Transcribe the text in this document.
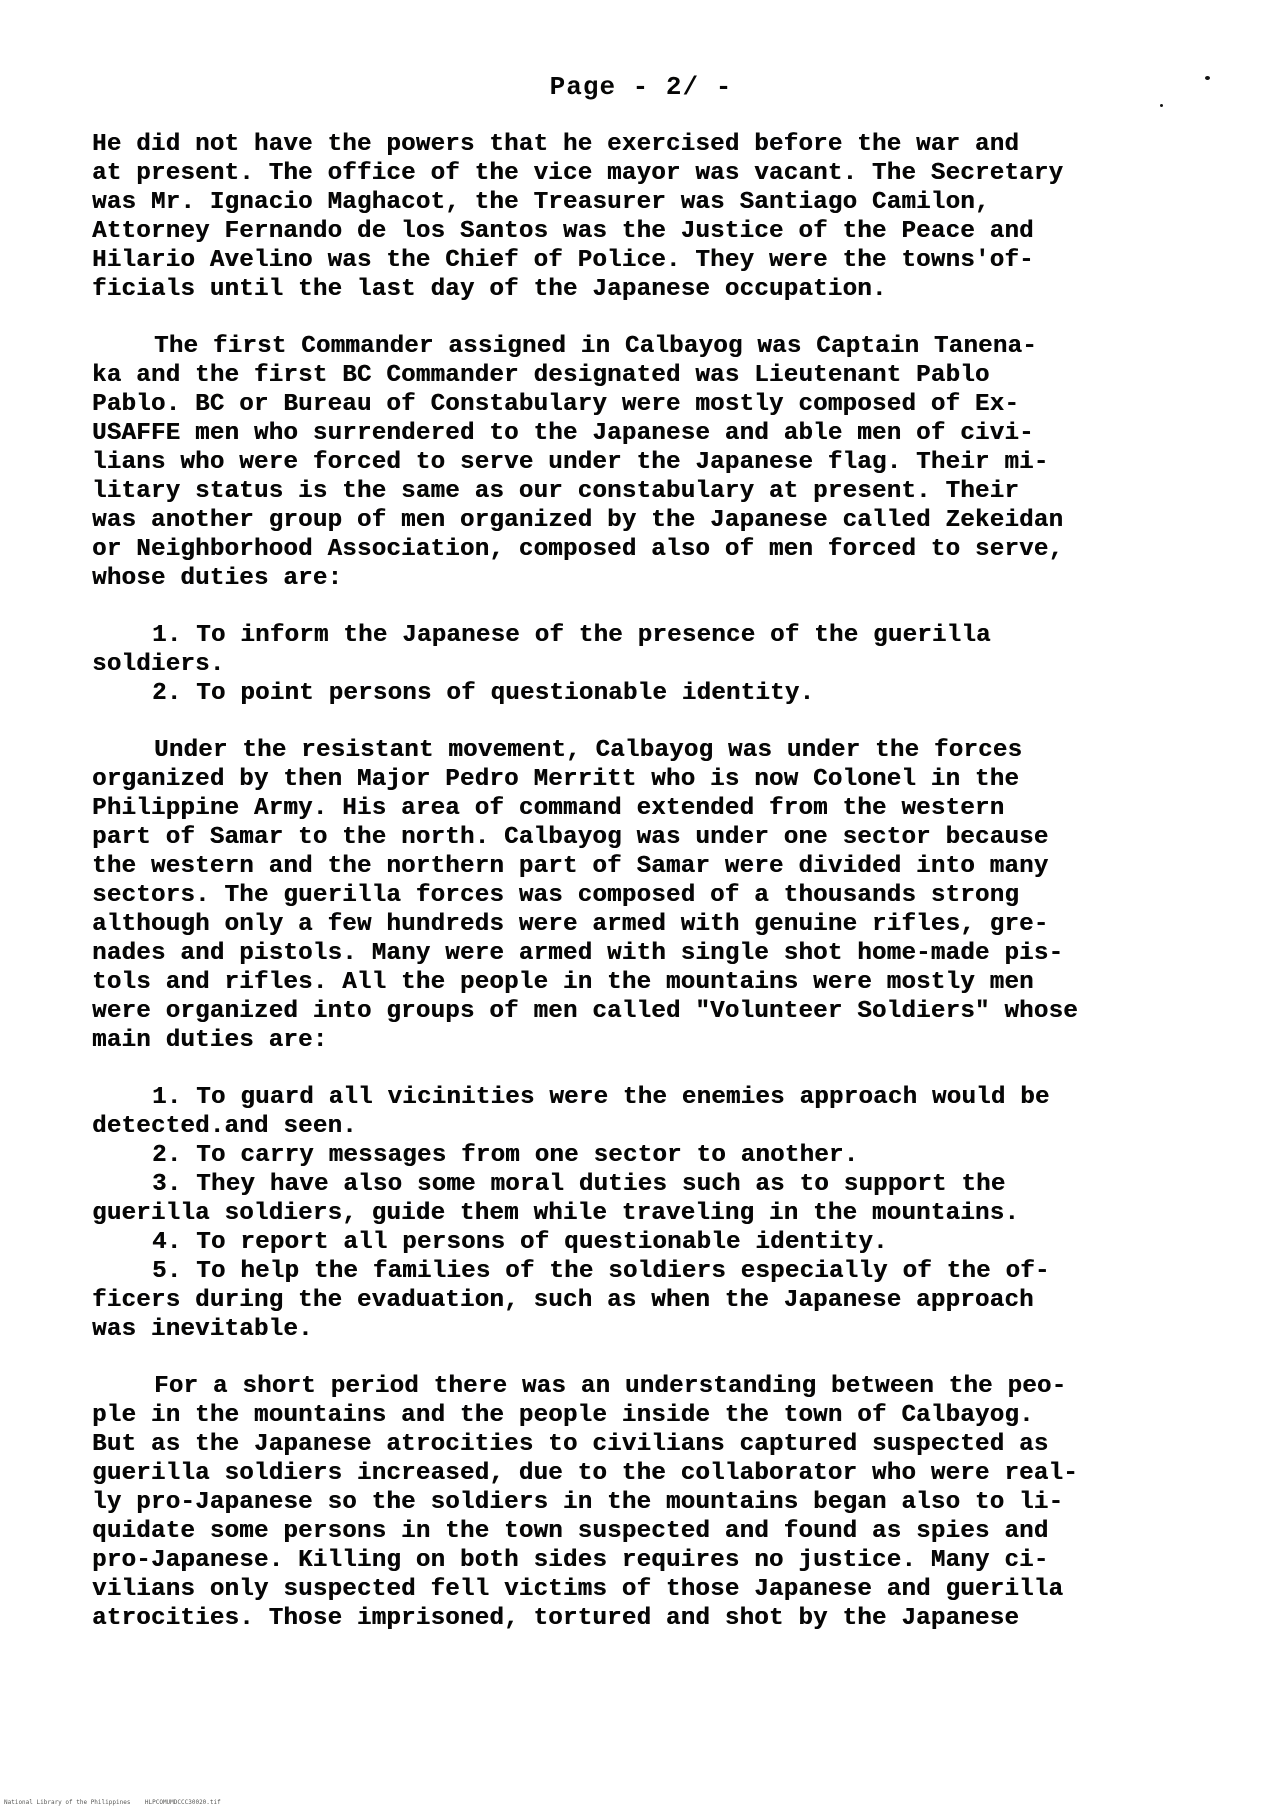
Page - 2/ -
He did not have the powers that he exercised before the war and
at present. The office of the vice mayor was vacant. The Secretary
was Mr. Ignacio Maghacot, the Treasurer was Santiago Camilon,
Attorney Fernando de los Santos was the Justice of the Peace and
Hilario Avelino was the Chief of Police. They were the towns'of-
ficials until the last day of the Japanese occupation.
The first Commander assigned in Calbayog was Captain Tanena-
ka and the first BC Commander designated was Lieutenant Pablo
Pablo. BC or Bureau of Constabulary were mostly composed of Ex-
USAFFE men who surrendered to the Japanese and able men of civi-
lians who were forced to serve under the Japanese flag. Their mi-
litary status is the same as our constabulary at present. Their
was another group of men organized by the Japanese called Zekeidan
or Neighborhood Association, composed also of men forced to serve,
whose duties are:
1. To inform the Japanese of the presence of the guerilla
soldiers.
2. To point persons of questionable identity.
Under the resistant movement, Calbayog was under the forces
organized by then Major Pedro Merritt who is now Colonel in the
Philippine Army. His area of command extended from the western
part of Samar to the north. Calbayog was under one sector because
the western and the northern part of Samar were divided into many
sectors. The guerilla forces was composed of a thousands strong
although only a few hundreds were armed with genuine rifles, gre-
nades and pistols. Many were armed with single shot home-made pis-
tols and rifles. All the people in the mountains were mostly men
were organized into groups of men called "Volunteer Soldiers" whose
main duties are:
1. To guard all vicinities were the enemies approach would be
detected.and seen.
2. To carry messages from one sector to another.
3. They have also some moral duties such as to support the
guerilla soldiers, guide them while traveling in the mountains.
4. To report all persons of questionable identity.
5. To help the families of the soldiers especially of the of-
ficers during the evaduation, such as when the Japanese approach
was inevitable.
For a short period there was an understanding between the peo-
ple in the mountains and the people inside the town of Calbayog.
But as the Japanese atrocities to civilians captured suspected as
guerilla soldiers increased, due to the collaborator who were real-
ly pro-Japanese so the soldiers in the mountains began also to li-
quidate some persons in the town suspected and found as spies and
pro-Japanese. Killing on both sides requires no justice. Many ci-
vilians only suspected fell victims of those Japanese and guerilla
atrocities. Those imprisoned, tortured and shot by the Japanese
National Library of the Philippines    HLPCOMUMDCCC30020.tif
